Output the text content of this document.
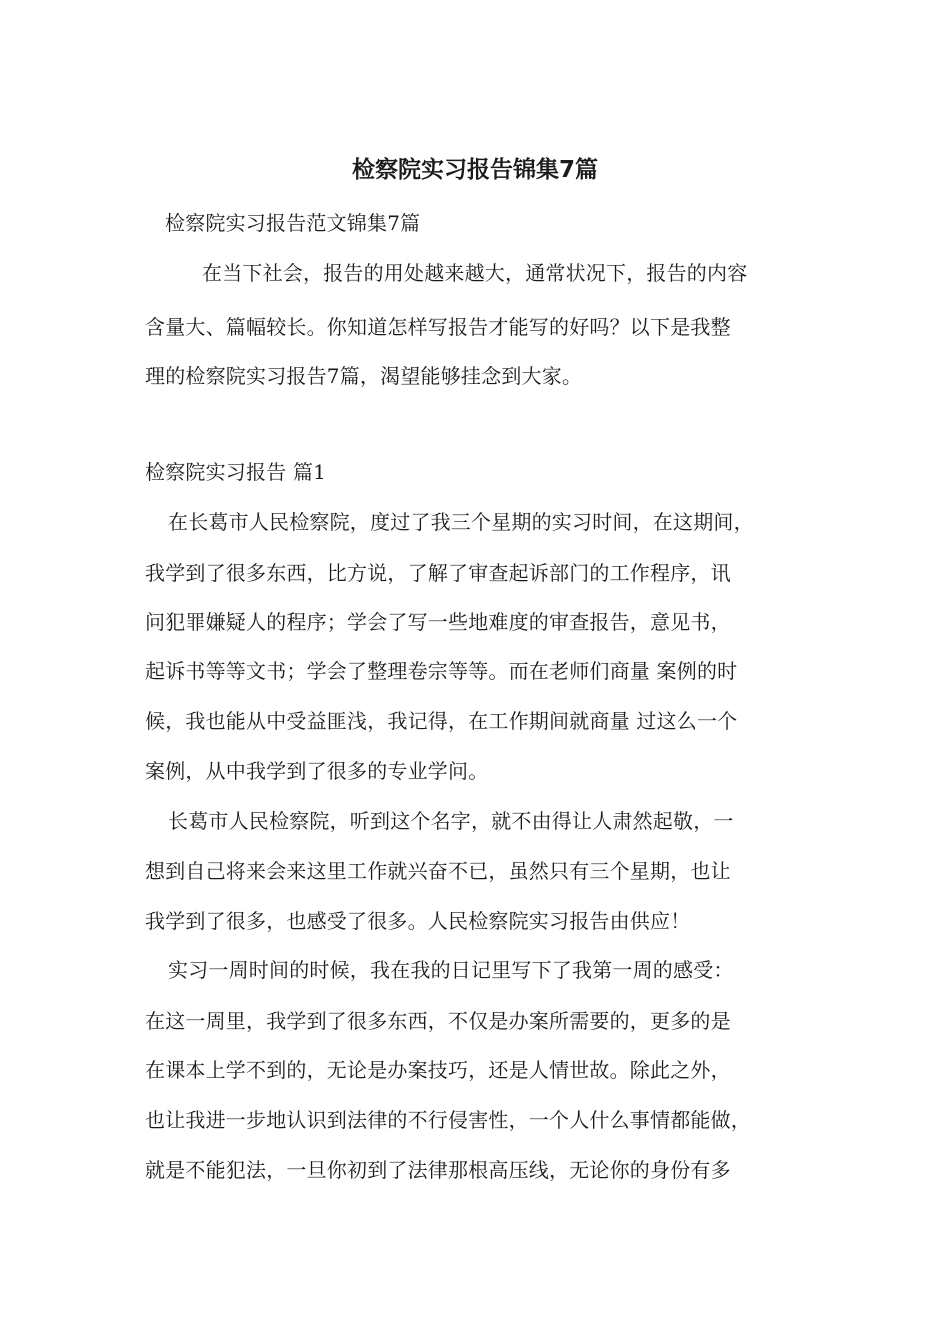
检察院实习报告锦集7篇
检察院实习报告范文锦集7篇
在当下社会，报告的用处越来越大，通常状况下，报告的内容
含量大、篇幅较长。你知道怎样写报告才能写的好吗？以下是我整
理的检察院实习报告7篇，渴望能够挂念到大家。
检察院实习报告 篇1
在长葛市人民检察院，度过了我三个星期的实习时间，在这期间，
我学到了很多东西，比方说，了解了审查起诉部门的工作程序，讯
问犯罪嫌疑人的程序；学会了写一些地难度的审查报告，意见书，
起诉书等等文书；学会了整理卷宗等等。而在老师们商量 案例的时
候，我也能从中受益匪浅，我记得，在工作期间就商量 过这么一个
案例，从中我学到了很多的专业学问。
长葛市人民检察院，听到这个名字，就不由得让人肃然起敬，一
想到自己将来会来这里工作就兴奋不已，虽然只有三个星期，也让
我学到了很多，也感受了很多。人民检察院实习报告由供应！
实习一周时间的时候，我在我的日记里写下了我第一周的感受：
在这一周里，我学到了很多东西，不仅是办案所需要的，更多的是
在课本上学不到的，无论是办案技巧，还是人情世故。除此之外，
也让我进一步地认识到法律的不行侵害性，一个人什么事情都能做，
就是不能犯法，一旦你初到了法律那根高压线，无论你的身份有多
